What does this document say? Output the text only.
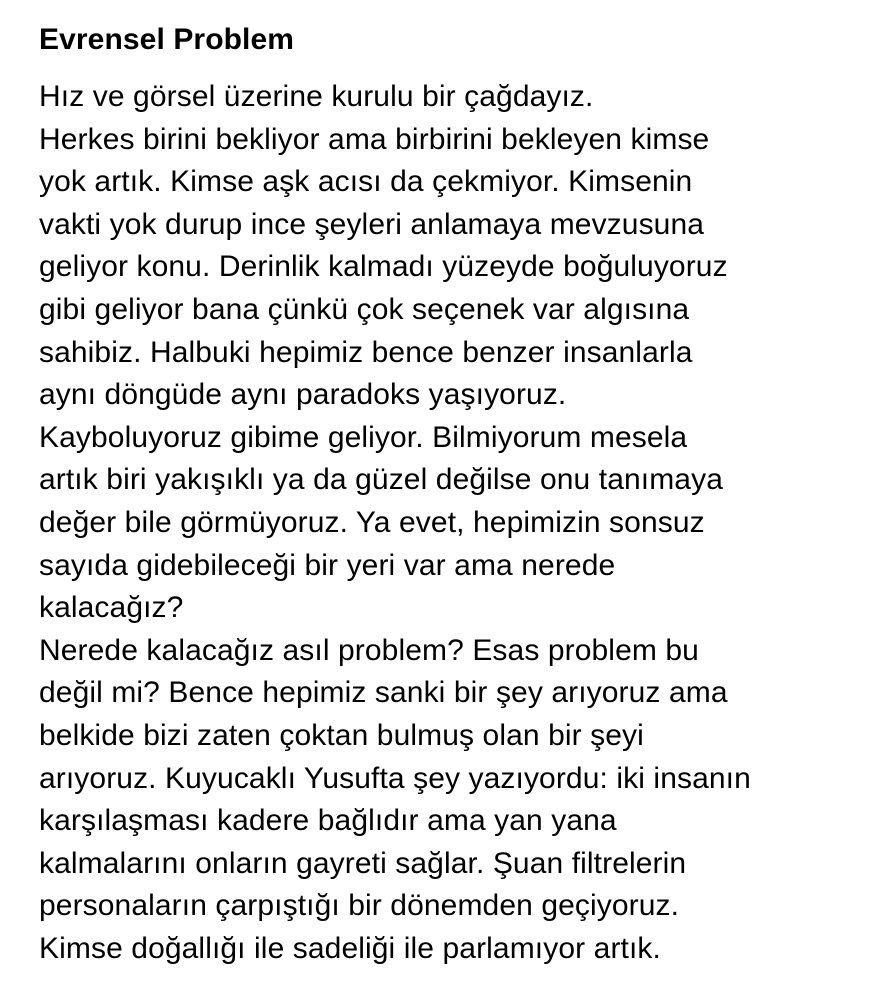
Evrensel Problem
Hız ve görsel üzerine kurulu bir çağdayız.
Herkes birini bekliyor ama birbirini bekleyen kimse
yok artık. Kimse aşk acısı da çekmiyor. Kimsenin
vakti yok durup ince şeyleri anlamaya mevzusuna
geliyor konu. Derinlik kalmadı yüzeyde boğuluyoruz
gibi geliyor bana çünkü çok seçenek var algısına
sahibiz. Halbuki hepimiz bence benzer insanlarla
aynı döngüde aynı paradoks yaşıyoruz.
Kayboluyoruz gibime geliyor. Bilmiyorum mesela
artık biri yakışıklı ya da güzel değilse onu tanımaya
değer bile görmüyoruz. Ya evet, hepimizin sonsuz
sayıda gidebileceği bir yeri var ama nerede
kalacağız?
Nerede kalacağız asıl problem? Esas problem bu
değil mi? Bence hepimiz sanki bir şey arıyoruz ama
belkide bizi zaten çoktan bulmuş olan bir şeyi
arıyoruz. Kuyucaklı Yusufta şey yazıyordu: iki insanın
karşılaşması kadere bağlıdır ama yan yana
kalmalarını onların gayreti sağlar. Şuan filtrelerin
personaların çarpıştığı bir dönemden geçiyoruz.
Kimse doğallığı ile sadeliği ile parlamıyor artık.
